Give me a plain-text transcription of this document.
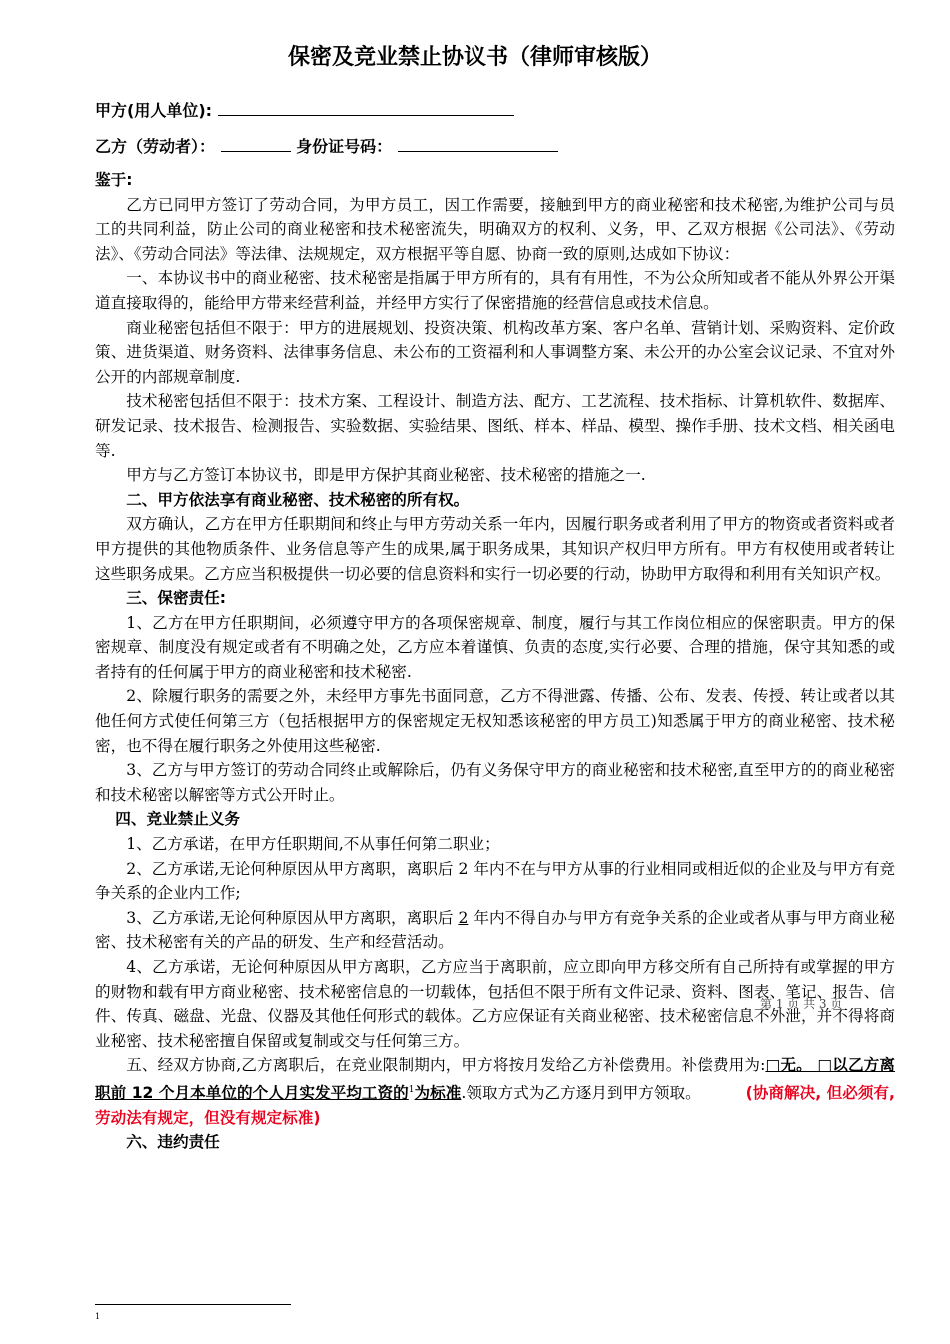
保密及竞业禁止协议书（律师审核版）
甲方(用人单位):
乙方（劳动者）：	身份证号码：

鉴于:

乙方已同甲方签订了劳动合同，为甲方员工，因工作需要，接触到甲方的商业秘密和技术秘密,为维护公司与员工的共同利益，防止公司的商业秘密和技术秘密流失，明确双方的权利、义务，甲、乙双方根据《公司法》、《劳动法》、《劳动合同法》等法律、法规规定，双方根据平等自愿、协商一致的原则,达成如下协议：

一、本协议书中的商业秘密、技术秘密是指属于甲方所有的，具有有用性，不为公众所知或者不能从外界公开渠道直接取得的，能给甲方带来经营利益，并经甲方实行了保密措施的经营信息或技术信息。

商业秘密包括但不限于：甲方的进展规划、投资决策、机构改革方案、客户名单、营销计划、采购资料、定价政策、进货渠道、财务资料、法律事务信息、未公布的工资福利和人事调整方案、未公开的办公室会议记录、不宜对外公开的内部规章制度.

技术秘密包括但不限于：技术方案、工程设计、制造方法、配方、工艺流程、技术指标、计算机软件、数据库、研发记录、技术报告、检测报告、实验数据、实验结果、图纸、样本、样品、模型、操作手册、技术文档、相关函电等.

甲方与乙方签订本协议书，即是甲方保护其商业秘密、技术秘密的措施之一.

二、甲方依法享有商业秘密、技术秘密的所有权。

双方确认，乙方在甲方任职期间和终止与甲方劳动关系一年内，因履行职务或者利用了甲方的物资或者资料或者甲方提供的其他物质条件、业务信息等产生的成果,属于职务成果，其知识产权归甲方所有。甲方有权使用或者转让这些职务成果。乙方应当积极提供一切必要的信息资料和实行一切必要的行动，协助甲方取得和利用有关知识产权。

三、保密责任:

1、乙方在甲方任职期间，必须遵守甲方的各项保密规章、制度，履行与其工作岗位相应的保密职责。甲方的保密规章、制度没有规定或者有不明确之处，乙方应本着谨慎、负责的态度,实行必要、合理的措施，保守其知悉的或者持有的任何属于甲方的商业秘密和技术秘密.

2、除履行职务的需要之外，未经甲方事先书面同意，乙方不得泄露、传播、公布、发表、传授、转让或者以其他任何方式使任何第三方（包括根据甲方的保密规定无权知悉该秘密的甲方员工)知悉属于甲方的商业秘密、技术秘密，也不得在履行职务之外使用这些秘密.

3、乙方与甲方签订的劳动合同终止或解除后，仍有义务保守甲方的商业秘密和技术秘密,直至甲方的的商业秘密和技术秘密以解密等方式公开时止。

四、竞业禁止义务

1、乙方承诺，在甲方任职期间,不从事任何第二职业；

2、乙方承诺,无论何种原因从甲方离职，离职后 2 年内不在与甲方从事的行业相同或相近似的企业及与甲方有竞争关系的企业内工作;

3、乙方承诺,无论何种原因从甲方离职，离职后 2 年内不得自办与甲方有竞争关系的企业或者从事与甲方商业秘密、技术秘密有关的产品的研发、生产和经营活动。

4、乙方承诺，无论何种原因从甲方离职，乙方应当于离职前，应立即向甲方移交所有自己所持有或掌握的甲方的财物和载有甲方商业秘密、技术秘密信息的一切载体，包括但不限于所有文件记录、资料、图表、笔记、报告、信件、传真、磁盘、光盘、仪器及其他任何形式的载体。乙方应保证有关商业秘密、技术秘密信息不外泄，并不得将商业秘密、技术秘密擅自保留或复制或交与任何第三方。

五、经双方协商,乙方离职后，在竞业限制期内，甲方将按月发给乙方补偿费用。补偿费用为:□无。 □以乙方离职前 12 个月本单位的个人月实发平均工资的$^1$为标准.领取方式为乙方逐月到甲方领取。	(协商解决, 但必须有, 劳动法有规定，但没有规定标准)

六、违约责任

第 1 页 共 3 页
1
